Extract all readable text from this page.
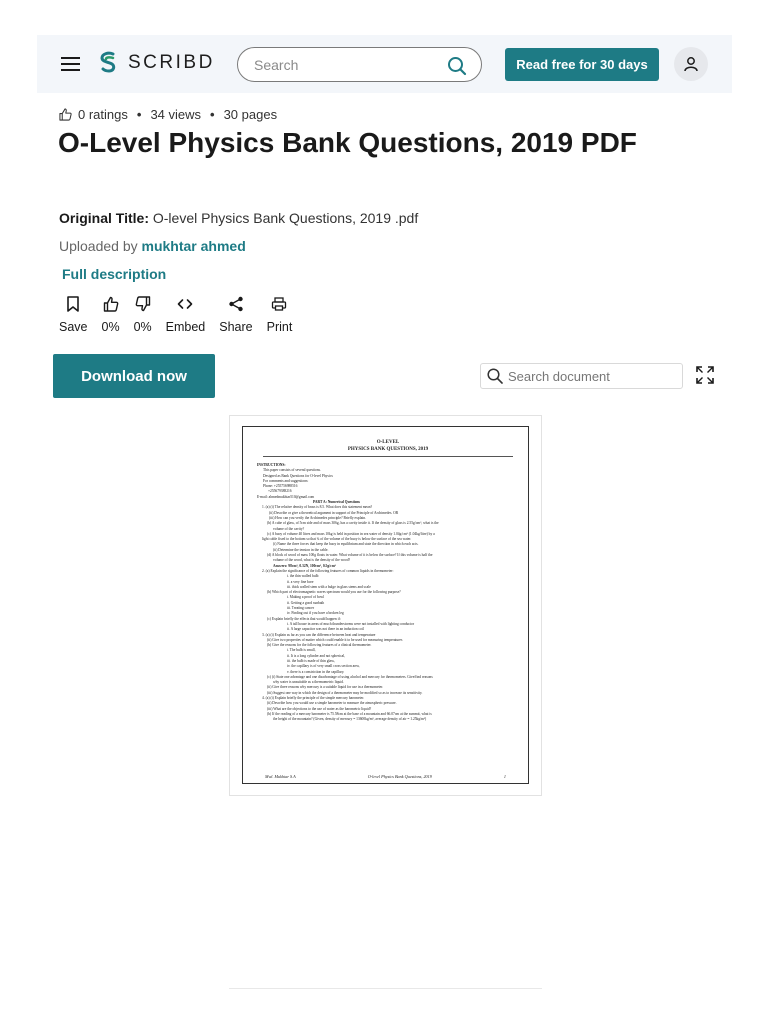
SCRIBD
Search	Read free for 30 days
0 ratings • 34 views • 30 pages
O-Level Physics Bank Questions, 2019 PDF
Original Title: O-level Physics Bank Questions, 2019 .pdf
Uploaded by mukhtar ahmed
Full description
Save 0% 0% Embed Share Print
Download now
Search document
O-LEVEL
PHYSICS BANK QUESTIONS, 2019
INSTRUCTIONS:
This paper consists of several questions.
Designed as Bank Questions for O-level Physics
For comments and suggestions:
Phone: +255756988516
+255679388216
E-mail: ahmedmukhtar510@gmail.com
PART A: Numerical Questions
1. (a) (i) The relative density of brass is 8.5. What does this statement mean?
(ii) Describe or give a theoretical argument in support of the Principle of Archimedes. OR
(iii) How can you verify the Archimedes principle? Briefly explain.
(b) A cube of glass, of 5cm side and of mass 306g, has a cavity inside it. If the density of glass is 2.55g/cm³, what is the
volume of the cavity?
(c) A buoy of volume 40 litres and mass 10kg is held in position in sea water of density 1.04g/cm³ (1.04kg/litre) by a
light cable fixed to the bottom so that ¾ of the volume of the buoy is below the surface of the sea water.
(i) Name the three forces that keep the buoy in equilibrium and state the direction in which each acts.
(ii) Determine the tension in the cable.
(d) A block of wood of mass 100g floats in water. What volume of it is below the surface? If this volume is half the
volume of the wood, what is the density of the wood?
Answers: 98cm³, 0.32N, 100cm³, 0.5g/cm³
2. (a) Explain the significance of the following features of common liquids in thermometer:
i. the thin walled bulb
ii. a very fine bore
iii. thick walled stem with a bulge in glass stems and scale
(b) Which part of electromagnetic waves spectrum would you use for the following purpose?
i. Making a proof of bowl
ii. Getting a good sunbath
iii. Treating cancer
iv. Finding out if you have a broken leg
(c) Explain briefly the effects that would happen if:
i. A tall house in areas of much thunderstorms were not installed with lighting conductor
ii. A large capacitor was not there in an induction coil
3. (a) (i) Explain as far as you can the difference between heat and temperature
(ii) Give two properties of matter which could enable it to be used for measuring temperatures
(b) Give the reasons for the following features of a clinical thermometer.
i. The bulb is small,
ii. It is a long cylinder and not spherical,
iii. the bulb is made of thin glass,
iv. the capillary is of very small cross section area,
v. there is a constriction in the capillary.
(c) (i) State one advantage and one disadvantage of using alcohol and mercury for thermometers. Give/find reasons
why water is unsuitable as a thermometric liquid.
(ii) Give three reasons why mercury is a suitable liquid for use in a thermometer.
(iii) Suggest one way in which the design of a thermometer may be modified so as to increase its sensitivity.
4. (a) (i) Explain briefly the principle of the simple mercury barometer.
(ii) Describe how you would use a simple barometer to measure the atmospheric pressure.
(iii) What are the objections to the use of water as the barometric liquid?
(b) If the reading of a mercury barometer is 75.58cm at the base of a mountain and 66.07cm at the summit, what is
the height of the mountain? (Given, density of mercury = 13600kg/m³, average density of air = 1.25kg/m³)
Mwl. Mukhtar S.A	O-level Physics Bank Questions, 2019	1
